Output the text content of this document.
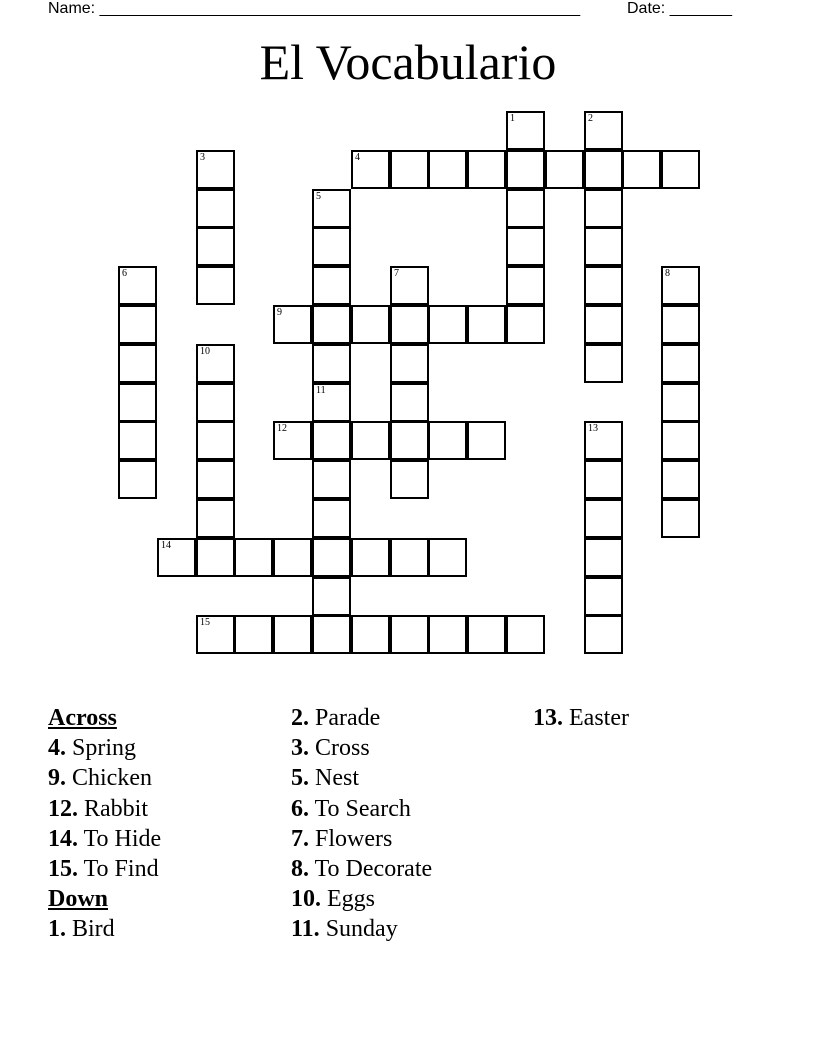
Name: ______________________________________________________	Date: _______
El Vocabulario
4
9
12
14
15
1	2
3
5
11
6	7	8
10
13
Across
4. Spring
9. Chicken
12. Rabbit
14. To Hide
15. To Find
Down
1. Bird
2. Parade
3. Cross
5. Nest
6. To Search
7. Flowers
8. To Decorate
10. Eggs
11. Sunday
13. Easter
